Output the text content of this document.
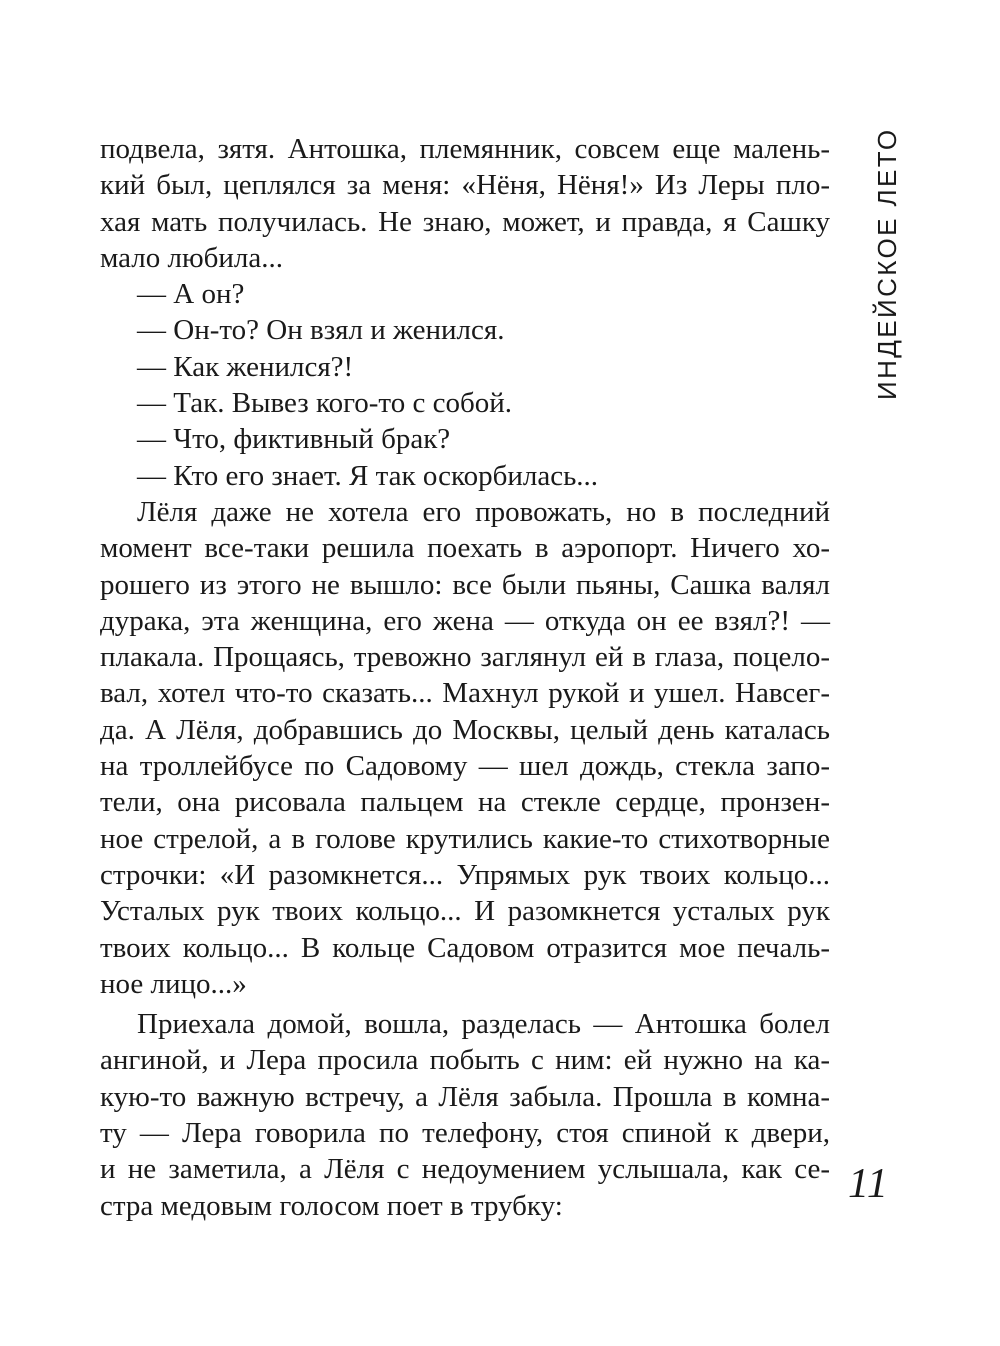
ИНДЕЙСКОЕ ЛЕТО
подвела, зятя. Антошка, племянник, совсем еще малень-
кий был, цеплялся за меня: «Нёня, Нёня!» Из Леры пло-
хая мать получилась. Не знаю, может, и правда, я Сашку
мало любила...
— А он?
— Он-то? Он взял и женился.
— Как женился?!
— Так. Вывез кого-то с собой.
— Что, фиктивный брак?
— Кто его знает. Я так оскорбилась...
Лёля даже не хотела его провожать, но в последний
момент все-таки решила поехать в аэропорт. Ничего хо-
рошего из этого не вышло: все были пьяны, Сашка валял
дурака, эта женщина, его жена — откуда он ее взял?! —
плакала. Прощаясь, тревожно заглянул ей в глаза, поцело-
вал, хотел что-то сказать... Махнул рукой и ушел. Навсег-
да. А Лёля, добравшись до Москвы, целый день каталась
на троллейбусе по Садовому — шел дождь, стекла запо-
тели, она рисовала пальцем на стекле сердце, пронзен-
ное стрелой, а в голове крутились какие-то стихотворные
строчки: «И разомкнется... Упрямых рук твоих кольцо...
Усталых рук твоих кольцо... И разомкнется усталых рук
твоих кольцо... В кольце Садовом отразится мое печаль-
ное лицо...»
Приехала домой, вошла, разделась — Антошка болел
ангиной, и Лера просила побыть с ним: ей нужно на ка-
кую-то важную встречу, а Лёля забыла. Прошла в комна-
ту — Лера говорила по телефону, стоя спиной к двери,
и не заметила, а Лёля с недоумением услышала, как се-
стра медовым голосом поет в трубку:	11
